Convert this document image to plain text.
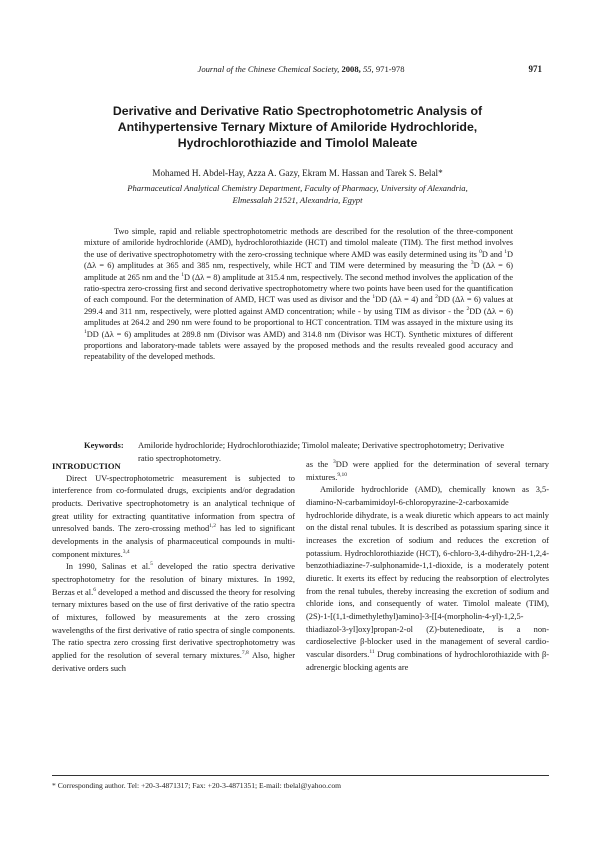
Journal of the Chinese Chemical Society, 2008, 55, 971-978	971
Derivative and Derivative Ratio Spectrophotometric Analysis of
Antihypertensive Ternary Mixture of Amiloride Hydrochloride,
Hydrochlorothiazide and Timolol Maleate
Mohamed H. Abdel-Hay, Azza A. Gazy, Ekram M. Hassan and Tarek S. Belal*
Pharmaceutical Analytical Chemistry Department, Faculty of Pharmacy, University of Alexandria,
Elmessalah 21521, Alexandria, Egypt

Two simple, rapid and reliable spectrophotometric methods are described for the resolution of the three-component mixture of amiloride hydrochloride (AMD), hydrochlorothiazide (HCT) and timolol maleate (TIM). The first method involves the use of derivative spectrophotometry with the zero-crossing technique where AMD was easily determined using its $^0$D and $^1$D (Δλ = 6) amplitudes at 365 and 385 nm, respectively, while HCT and TIM were determined by measuring the $^3$D (Δλ = 6) amplitude at 265 nm and the $^1$D (Δλ = 8) amplitude at 315.4 nm, respectively. The second method involves the application of the ratio-spectra zero-crossing first and second derivative spectrophotometry where two points have been used for the quantification of each compound. For the determination of AMD, HCT was used as divisor and the $^1$DD (Δλ = 4) and $^2$DD (Δλ = 6) values at 299.4 and 311 nm, respectively, were plotted against AMD concentration; while - by using TIM as divisor - the $^2$DD (Δλ = 6) amplitudes at 264.2 and 290 nm were found to be proportional to HCT concentration. TIM was assayed in the mixture using its $^1$DD (Δλ = 6) amplitudes at 289.8 nm (Divisor was AMD) and 314.8 nm (Divisor was HCT). Synthetic mixtures of different proportions and laboratory-made tablets were assayed by the proposed methods and the results revealed good accuracy and repeatability of the developed methods.

Keywords: Amiloride hydrochloride; Hydrochlorothiazide; Timolol maleate; Derivative spectrophotometry; Derivative ratio spectrophotometry.

INTRODUCTION

Direct UV-spectrophotometric measurement is subjected to interference from co-formulated drugs, excipients and/or degradation products. Derivative spectrophotometry is an analytical technique of great utility for extracting quantitative information from spectra of unresolved bands. The zero-crossing method$^{1,2}$ has led to significant developments in the analysis of pharmaceutical compounds in multi-component mixtures.$^{3,4}$

In 1990, Salinas et al.$^5$ developed the ratio spectra derivative spectrophotometry for the resolution of binary mixtures. In 1992, Berzas et al.$^6$ developed a method and discussed the theory for resolving ternary mixtures based on the use of first derivative of the ratio spectra of mixtures, followed by measurements at the zero crossing wavelengths of the first derivative of ratio spectra of single components. The ratio spectra zero crossing first derivative spectrophotometry was applied for the resolution of several ternary mixtures.$^{7,8}$ Also, higher derivative orders such

as the $^3$DD were applied for the determination of several ternary mixtures.$^{9,10}$

Amiloride hydrochloride (AMD), chemically known as 3,5-diamino-N-carbamimidoyl-6-chloropyrazine-2-carboxamide hydrochloride dihydrate, is a weak diuretic which appears to act mainly on the distal renal tubules. It is described as potassium sparing since it increases the excretion of sodium and reduces the excretion of potassium. Hydrochlorothiazide (HCT), 6-chloro-3,4-dihydro-2H-1,2,4-benzothiadiazine-7-sulphonamide-1,1-dioxide, is a moderately potent diuretic. It exerts its effect by reducing the reabsorption of electrolytes from the renal tubules, thereby increasing the excretion of sodium and chloride ions, and consequently of water. Timolol maleate (TIM), (2S)-1-[(1,1-dimethylethyl)amino]-3-[[4-(morpholin-4-yl)-1,2,5-thiadiazol-3-yl]oxy]propan-2-ol (Z)-butenedioate, is a non-cardioselective β-blocker used in the management of several cardio-vascular disorders.$^{11}$ Drug combinations of hydrochlorothiazide with β-adrenergic blocking agents are

* Corresponding author. Tel: +20-3-4871317; Fax: +20-3-4871351; E-mail: tbelal@yahoo.com
